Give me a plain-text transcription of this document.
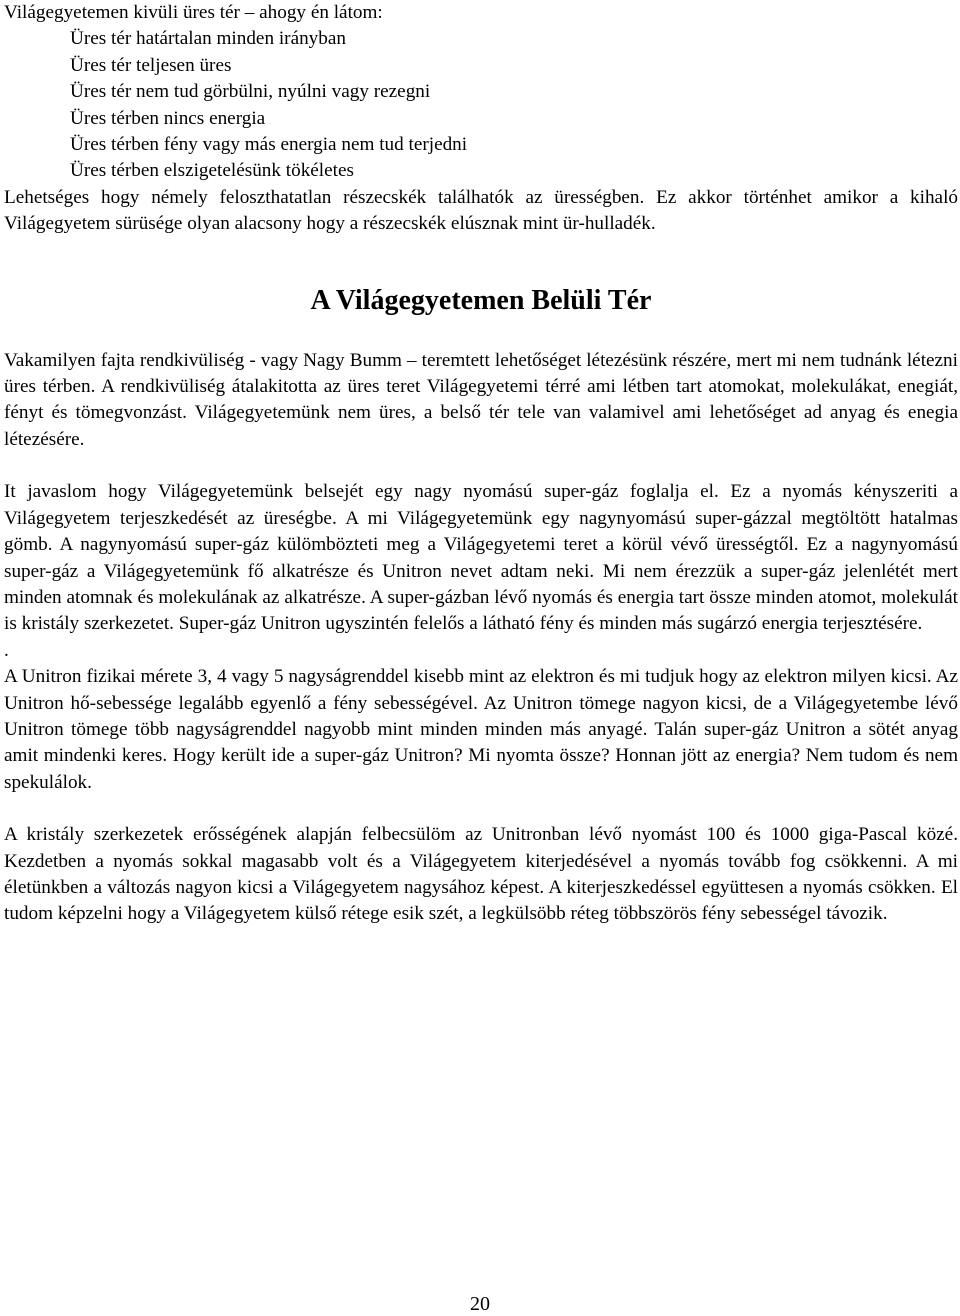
Világegyetemen kivüli üres tér – ahogy én látom:
Üres tér határtalan minden irányban
Üres tér teljesen üres
Üres tér nem tud görbülni, nyúlni vagy rezegni
Üres térben nincs energia
Üres térben fény vagy más energia nem tud terjedni
Üres térben elszigetelésünk tökéletes

Lehetséges hogy némely feloszthatatlan részecskék találhatók az ürességben. Ez akkor történhet amikor a kihaló Világegyetem sürüsége olyan alacsony hogy a részecskék elúsznak mint ür-hulladék.

A Világegyetemen Belüli Tér

Vakamilyen fajta rendkivüliség - vagy Nagy Bumm – teremtett lehetőséget létezésünk részére, mert mi nem tudnánk létezni üres térben. A rendkivüliség átalakitotta az üres teret Világegyetemi térré ami létben tart atomokat, molekulákat, enegiát, fényt és tömegvonzást. Világegyetemünk nem üres, a belső tér tele van valamivel ami lehetőséget ad anyag és enegia létezésére.

It javaslom hogy Világegyetemünk belsejét egy nagy nyomású super-gáz foglalja el. Ez a nyomás kényszeriti a Világegyetem terjeszkedését az üreségbe. A mi Világegyetemünk egy nagynyomású super-gázzal megtöltött hatalmas gömb. A nagynyomású super-gáz külömbözteti meg a Világegyetemi teret a körül vévő ürességtől. Ez a nagynyomású super-gáz a Világegyetemünk fő alkatrésze és Unitron nevet adtam neki. Mi nem érezzük a super-gáz jelenlétét mert minden atomnak és molekulának az alkatrésze. A super-gázban lévő nyomás és energia tart össze minden atomot, molekulát is kristály szerkezetet. Super-gáz Unitron ugyszintén felelős a látható fény és minden más sugárzó energia terjesztésére.

.

A Unitron fizikai mérete 3, 4 vagy 5 nagyságrenddel kisebb mint az elektron és mi tudjuk hogy az elektron milyen kicsi. Az Unitron hő-sebessége legalább egyenlő a fény sebességével. Az Unitron tömege nagyon kicsi, de a Világegyetembe lévő Unitron tömege több nagyságrenddel nagyobb mint minden minden más anyagé. Talán super-gáz Unitron a sötét anyag amit mindenki keres. Hogy került ide a super-gáz Unitron? Mi nyomta össze? Honnan jött az energia? Nem tudom és nem spekulálok.

A kristály szerkezetek erősségének alapján felbecsülöm az Unitronban lévő nyomást 100 és 1000 giga-Pascal közé. Kezdetben a nyomás sokkal magasabb volt és a Világegyetem kiterjedésével a nyomás tovább fog csökkenni. A mi életünkben a változás nagyon kicsi a Világegyetem nagysához képest. A kiterjeszkedéssel együttesen a nyomás csökken. El tudom képzelni hogy a Világegyetem külső rétege esik szét, a legkülsöbb réteg többszörös fény sebességel távozik.

20
